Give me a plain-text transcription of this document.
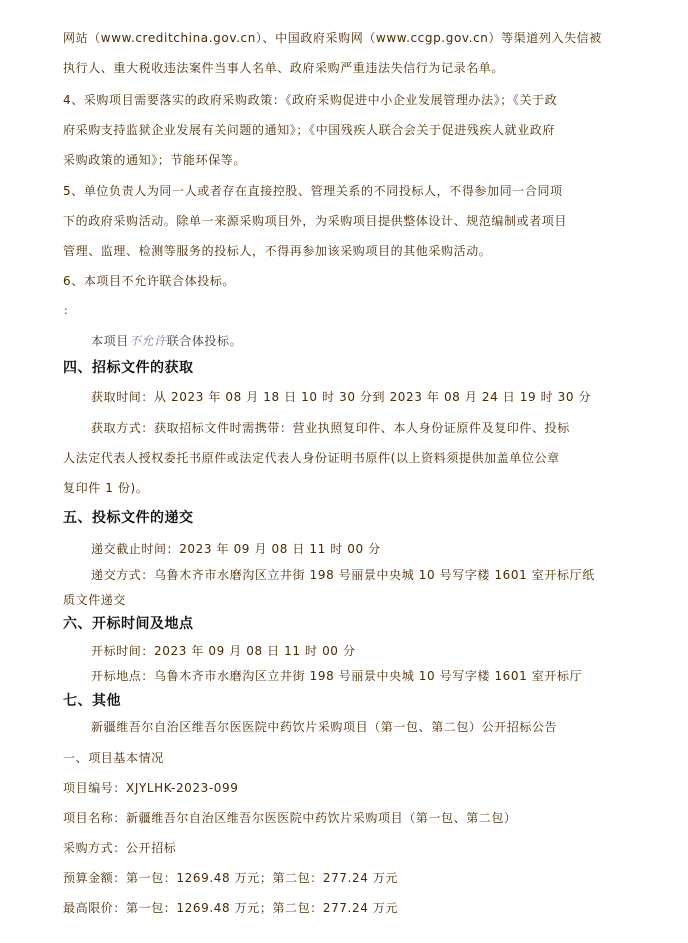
网站（www.creditchina.gov.cn）、中国政府采购网（www.ccgp.gov.cn）等渠道列入失信被
执行人、重大税收违法案件当事人名单、政府采购严重违法失信行为记录名单。
4、采购项目需要落实的政府采购政策：《政府采购促进中小企业发展管理办法》；《关于政
府采购支持监狱企业发展有关问题的通知》；《中国残疾人联合会关于促进残疾人就业政府
采购政策的通知》；节能环保等。
5、单位负责人为同一人或者存在直接控股、管理关系的不同投标人，不得参加同一合同项
下的政府采购活动。除单一来源采购项目外，为采购项目提供整体设计、规范编制或者项目
管理、监理、检测等服务的投标人，不得再参加该采购项目的其他采购活动。
6、本项目不允许联合体投标。
:
本项目不允许联合体投标。
四、招标文件的获取
获取时间：从 2023 年 08 月 18 日 10 时 30 分到 2023 年 08 月 24 日 19 时 30 分
获取方式：获取招标文件时需携带：营业执照复印件、本人身份证原件及复印件、投标
人法定代表人授权委托书原件或法定代表人身份证明书原件(以上资料须提供加盖单位公章
复印件 1 份)。
五、投标文件的递交
递交截止时间：2023 年 09 月 08 日 11 时 00 分
递交方式：乌鲁木齐市水磨沟区立井街 198 号丽景中央城 10 号写字楼 1601 室开标厅纸
质文件递交
六、开标时间及地点
开标时间：2023 年 09 月 08 日 11 时 00 分
开标地点：乌鲁木齐市水磨沟区立井街 198 号丽景中央城 10 号写字楼 1601 室开标厅
七、其他
新疆维吾尔自治区维吾尔医医院中药饮片采购项目（第一包、第二包）公开招标公告
一、项目基本情况
项目编号：XJYLHK-2023-099
项目名称：新疆维吾尔自治区维吾尔医医院中药饮片采购项目（第一包、第二包）
采购方式：公开招标
预算金额：第一包：1269.48 万元；第二包：277.24 万元
最高限价：第一包：1269.48 万元；第二包：277.24 万元
